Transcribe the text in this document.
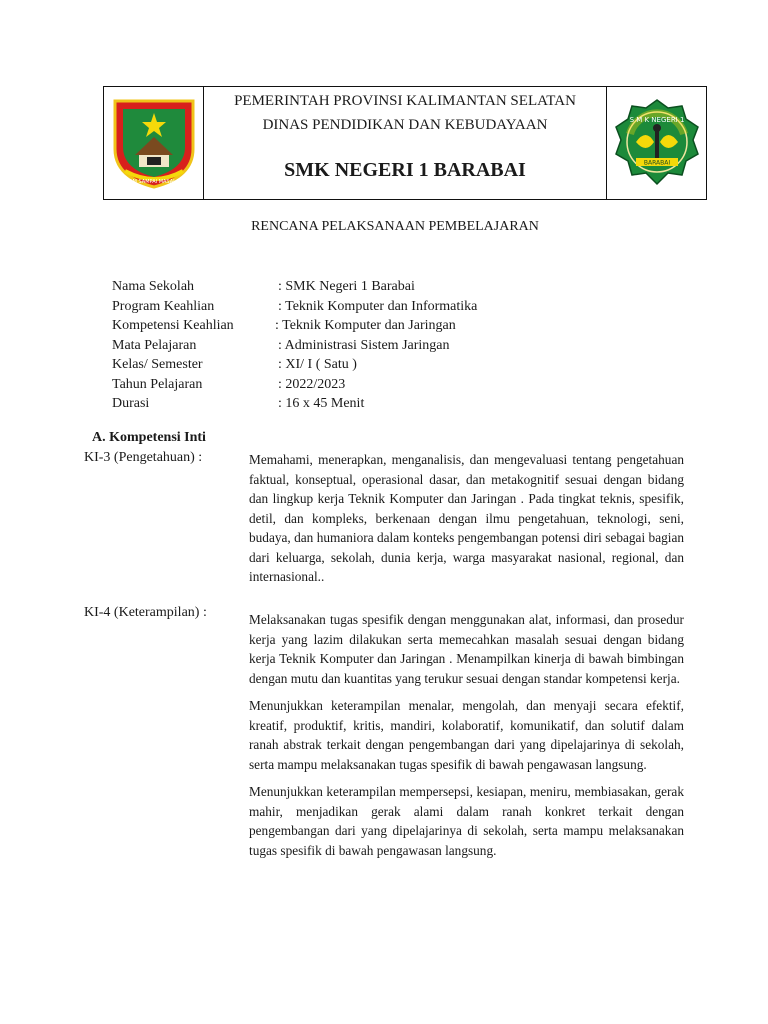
HALAM SAMPAI MASALAYAN
PEMERINTAH PROVINSI KALIMANTAN SELATAN
DINAS PENDIDIKAN DAN KEBUDAYAAN
SMK NEGERI 1 BARABAI
S M K NEGERI 1
BARABAI
RENCANA PELAKSANAAN PEMBELAJARAN
Nama Sekolah	: SMK Negeri 1 Barabai
Program Keahlian	: Teknik Komputer dan Informatika
Kompetensi Keahlian	: Teknik Komputer dan Jaringan
Mata Pelajaran	: Administrasi Sistem Jaringan
Kelas/ Semester	: XI/ I ( Satu )
Tahun Pelajaran	: 2022/2023
Durasi	: 16 x 45 Menit
A. Kompetensi Inti
KI-3 (Pengetahuan) :	Memahami, menerapkan, menganalisis, dan mengevaluasi tentang pengetahuan faktual, konseptual, operasional dasar, dan metakognitif sesuai dengan bidang dan lingkup kerja Teknik Komputer dan Jaringan . Pada tingkat teknis, spesifik, detil, dan kompleks, berkenaan dengan ilmu pengetahuan, teknologi, seni, budaya, dan humaniora dalam konteks pengembangan potensi diri sebagai bagian dari keluarga, sekolah, dunia kerja, warga masyarakat nasional, regional, dan internasional..

KI-4 (Keterampilan) :	Melaksanakan tugas spesifik dengan menggunakan alat, informasi, dan prosedur kerja yang lazim dilakukan serta memecahkan masalah sesuai dengan bidang kerja Teknik Komputer dan Jaringan . Menampilkan kinerja di bawah bimbingan dengan mutu dan kuantitas yang terukur sesuai dengan standar kompetensi kerja.

Menunjukkan keterampilan menalar, mengolah, dan menyaji secara efektif, kreatif, produktif, kritis, mandiri, kolaboratif, komunikatif, dan solutif dalam ranah abstrak terkait dengan pengembangan dari yang dipelajarinya di sekolah, serta mampu melaksanakan tugas spesifik di bawah pengawasan langsung.

Menunjukkan keterampilan mempersepsi, kesiapan, meniru, membiasakan, gerak mahir, menjadikan gerak alami dalam ranah konkret terkait dengan pengembangan dari yang dipelajarinya di sekolah, serta mampu melaksanakan tugas spesifik di bawah pengawasan langsung.
